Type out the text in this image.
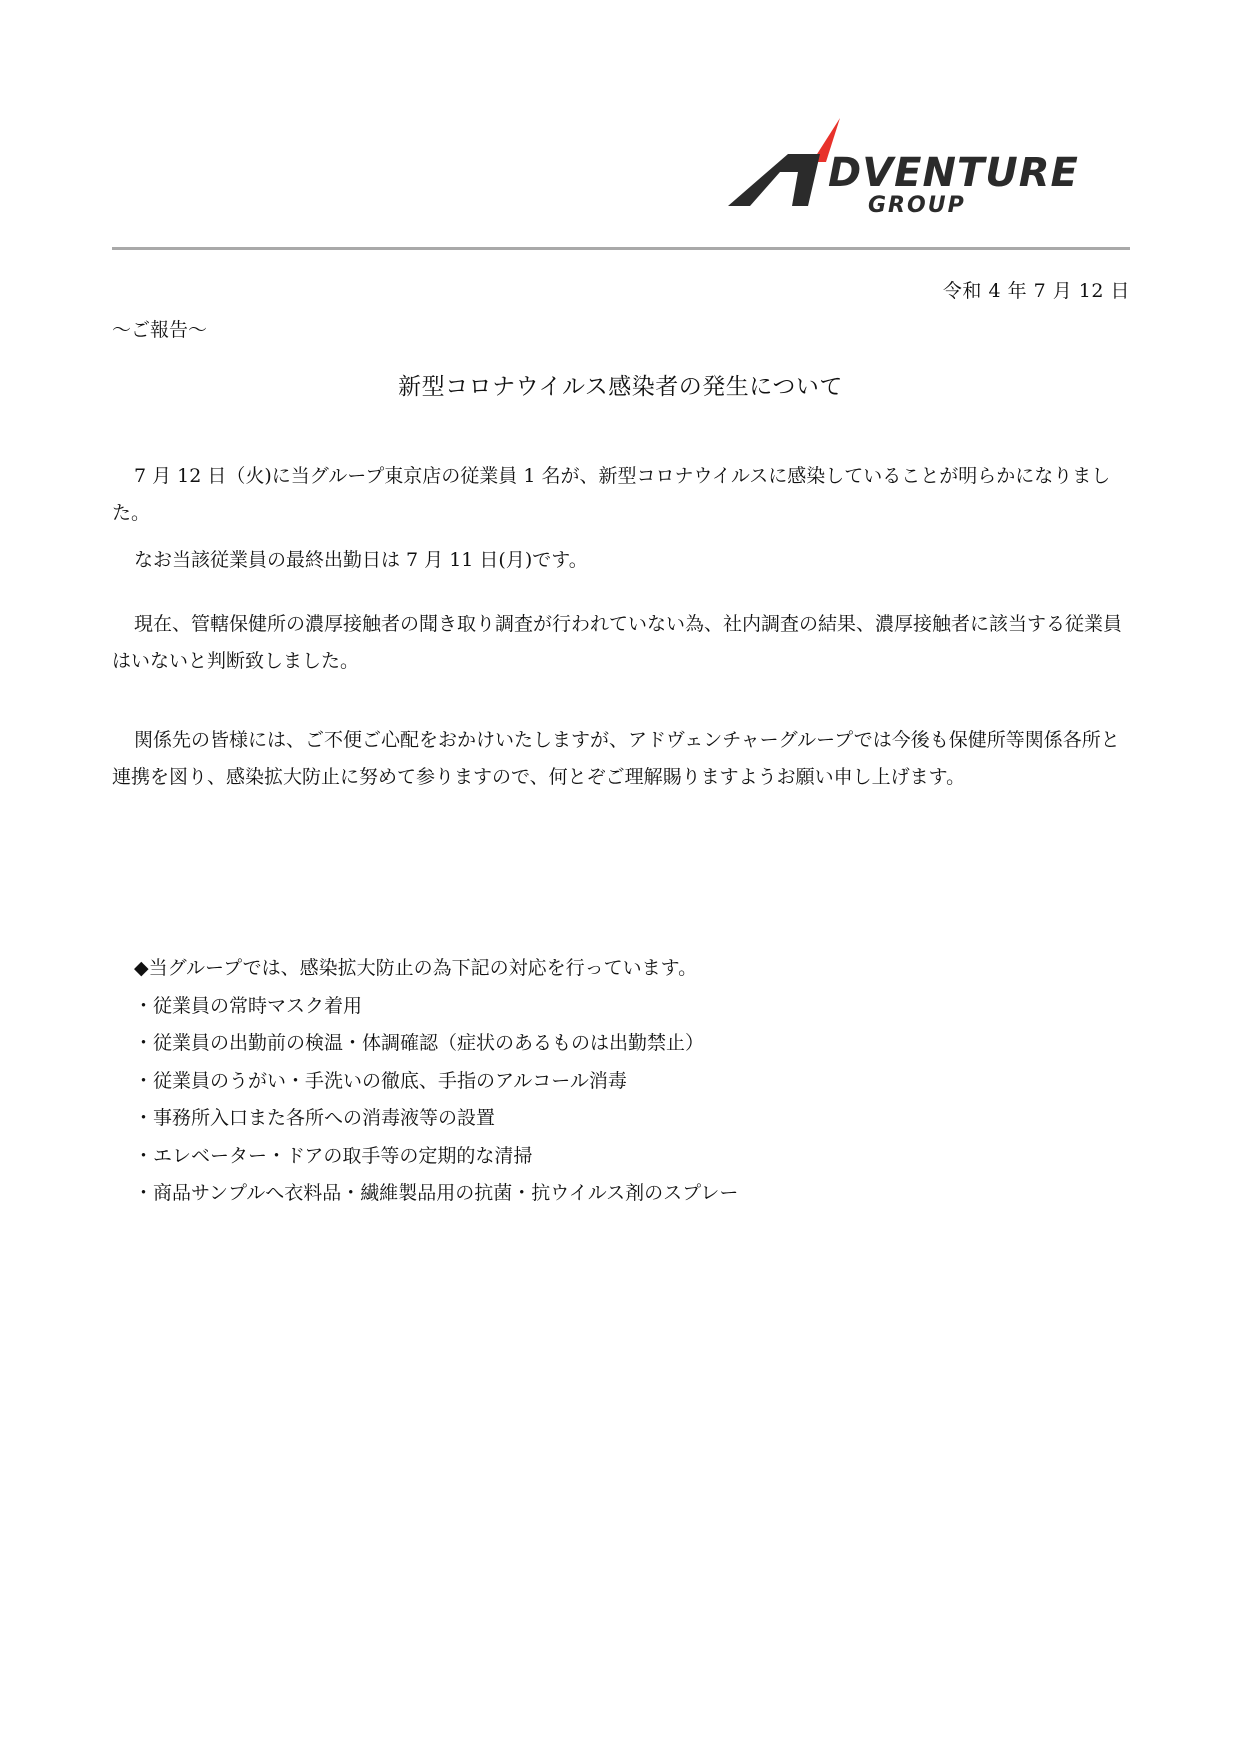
DVENTURE
GROUP
令和 4 年 7 月 12 日
～ご報告～
新型コロナウイルス感染者の発生について

7 月 12 日（火)に当グループ東京店の従業員 1 名が、新型コロナウイルスに感染していることが明らかになりました。

なお当該従業員の最終出勤日は 7 月 11 日(月)です。

現在、管轄保健所の濃厚接触者の聞き取り調査が行われていない為、社内調査の結果、濃厚接触者に該当する従業員はいないと判断致しました。

関係先の皆様には、ご不便ご心配をおかけいたしますが、アドヴェンチャーグループでは今後も保健所等関係各所と連携を図り、感染拡大防止に努めて参りますので、何とぞご理解賜りますようお願い申し上げます。

◆当グループでは、感染拡大防止の為下記の対応を行っています。

・従業員の常時マスク着用
・従業員の出勤前の検温・体調確認（症状のあるものは出勤禁止）
・従業員のうがい・手洗いの徹底、手指のアルコール消毒
・事務所入口また各所への消毒液等の設置
・エレベーター・ドアの取手等の定期的な清掃
・商品サンプルへ衣料品・繊維製品用の抗菌・抗ウイルス剤のスプレー
